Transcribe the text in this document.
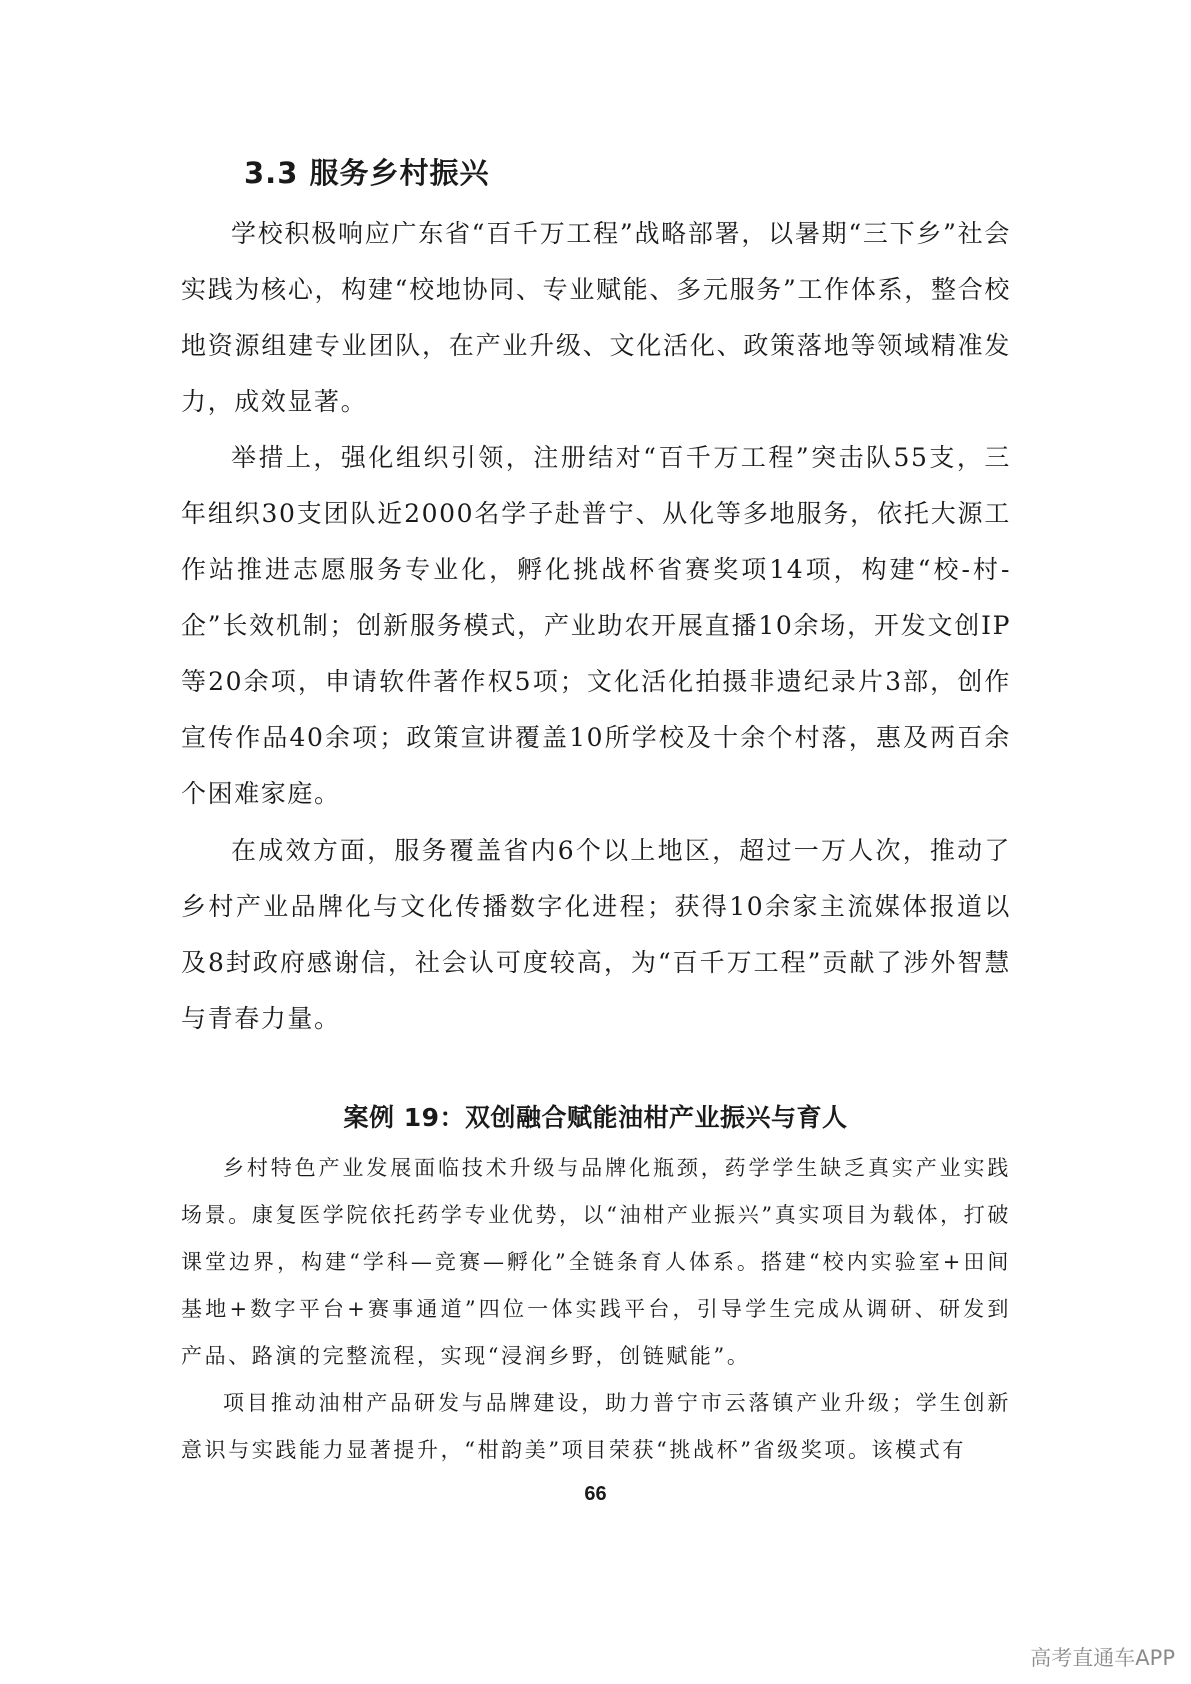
3.3 服务乡村振兴

学校积极响应广东省“百千万工程”战略部署，以暑期“三下乡”社会实践为核心，构建“校地协同、专业赋能、多元服务”工作体系，整合校地资源组建专业团队，在产业升级、文化活化、政策落地等领域精准发力，成效显著。

举措上，强化组织引领，注册结对“百千万工程”突击队55支，三年组织30支团队近2000名学子赴普宁、从化等多地服务，依托大源工作站推进志愿服务专业化，孵化挑战杯省赛奖项14项，构建“校-村-企”长效机制；创新服务模式，产业助农开展直播10余场，开发文创IP等20余项，申请软件著作权5项；文化活化拍摄非遗纪录片3部，创作宣传作品40余项；政策宣讲覆盖10所学校及十余个村落，惠及两百余个困难家庭。

在成效方面，服务覆盖省内6个以上地区，超过一万人次，推动了乡村产业品牌化与文化传播数字化进程；获得10余家主流媒体报道以及8封政府感谢信，社会认可度较高，为“百千万工程”贡献了涉外智慧与青春力量。

案例 19：双创融合赋能油柑产业振兴与育人

乡村特色产业发展面临技术升级与品牌化瓶颈，药学学生缺乏真实产业实践场景。康复医学院依托药学专业优势，以“油柑产业振兴”真实项目为载体，打破课堂边界，构建“学科—竞赛—孵化”全链条育人体系。搭建“校内实验室+田间基地+数字平台+赛事通道”四位一体实践平台，引导学生完成从调研、研发到产品、路演的完整流程，实现“浸润乡野，创链赋能”。

项目推动油柑产品研发与品牌建设，助力普宁市云落镇产业升级；学生创新意识与实践能力显著提升，“柑韵美”项目荣获“挑战杯”省级奖项。该模式有

66

高考直通车APP
